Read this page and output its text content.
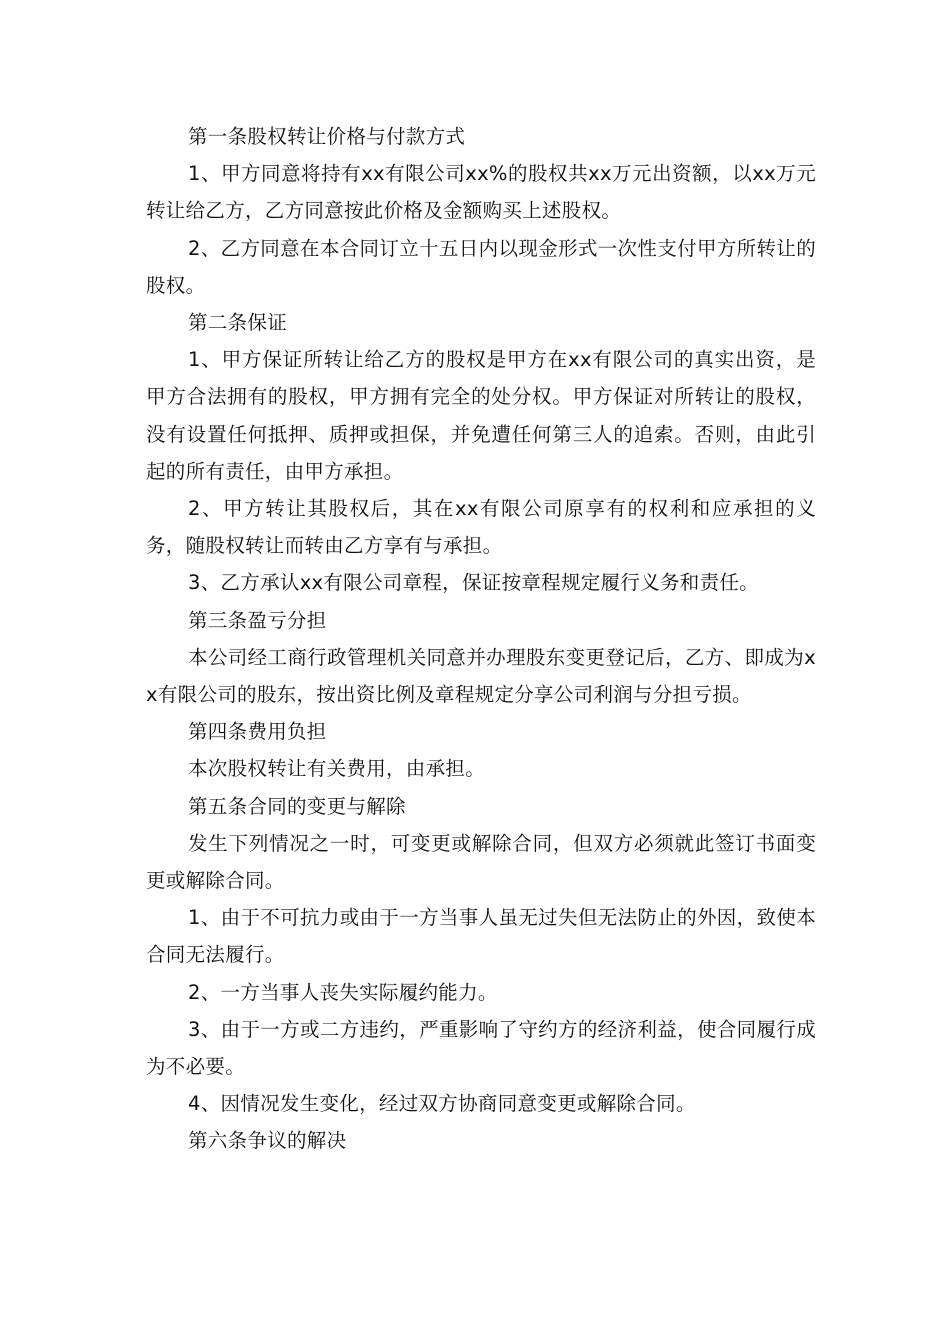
第一条股权转让价格与付款方式

1、甲方同意将持有xx有限公司xx%的股权共xx万元出资额，以xx万元转让给乙方，乙方同意按此价格及金额购买上述股权。

2、乙方同意在本合同订立十五日内以现金形式一次性支付甲方所转让的股权。

第二条保证

1、甲方保证所转让给乙方的股权是甲方在xx有限公司的真实出资，是甲方合法拥有的股权，甲方拥有完全的处分权。甲方保证对所转让的股权，没有设置任何抵押、质押或担保，并免遭任何第三人的追索。否则，由此引起的所有责任，由甲方承担。

2、甲方转让其股权后，其在xx有限公司原享有的权利和应承担的义务，随股权转让而转由乙方享有与承担。

3、乙方承认xx有限公司章程，保证按章程规定履行义务和责任。

第三条盈亏分担

本公司经工商行政管理机关同意并办理股东变更登记后，乙方、即成为xx有限公司的股东，按出资比例及章程规定分享公司利润与分担亏损。

第四条费用负担

本次股权转让有关费用，由承担。

第五条合同的变更与解除

发生下列情况之一时，可变更或解除合同，但双方必须就此签订书面变更或解除合同。

1、由于不可抗力或由于一方当事人虽无过失但无法防止的外因，致使本合同无法履行。

2、一方当事人丧失实际履约能力。

3、由于一方或二方违约，严重影响了守约方的经济利益，使合同履行成为不必要。

4、因情况发生变化，经过双方协商同意变更或解除合同。

第六条争议的解决
